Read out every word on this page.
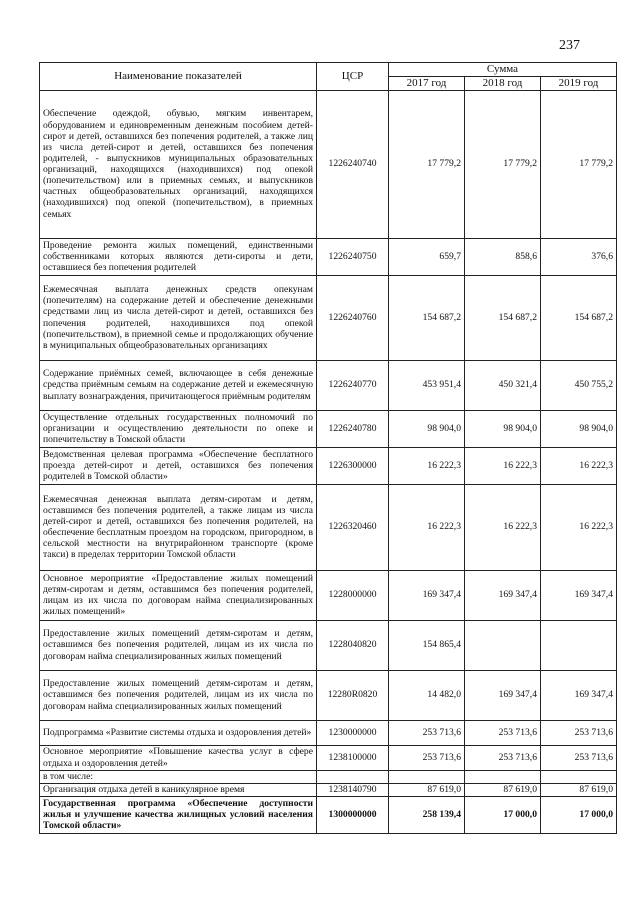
237
Наименование показателей	ЦСР	Сумма		
		2017 год	2018 год	2019 год
Обеспечение одеждой, обувью, мягким инвентарем, оборудованием и единовременным денежным пособием детей-сирот и детей, оставшихся без попечения родителей, а также лиц из числа детей-сирот и детей, оставшихся без попечения родителей, - выпускников муниципальных образовательных организаций, находящихся (находившихся) под опекой (попечительством) или в приемных семьях, и выпускников частных общеобразовательных организаций, находящихся (находившихся) под опекой (попечительством), в приемных семьях	1226240740	17 779,2	17 779,2	17 779,2
Проведение ремонта жилых помещений, единственными собственниками которых являются дети-сироты и дети, оставшиеся без попечения родителей	1226240750	659,7	858,6	376,6
Ежемесячная выплата денежных средств опекунам (попечителям) на содержание детей и обеспечение денежными средствами лиц из числа детей-сирот и детей, оставшихся без попечения родителей, находившихся под опекой (попечительством), в приемной семье и продолжающих обучение в муниципальных общеобразовательных организациях	1226240760	154 687,2	154 687,2	154 687,2
Содержание приёмных семей, включающее в себя денежные средства приёмным семьям на содержание детей и ежемесячную выплату вознаграждения, причитающегося приёмным родителям	1226240770	453 951,4	450 321,4	450 755,2
Осуществление отдельных государственных полномочий по организации и осуществлению деятельности по опеке и попечительству в Томской области	1226240780	98 904,0	98 904,0	98 904,0
Ведомственная целевая программа «Обеспечение бесплатного проезда детей-сирот и детей, оставшихся без попечения родителей в Томской области»	1226300000	16 222,3	16 222,3	16 222,3
Ежемесячная денежная выплата детям-сиротам и детям, оставшимся без попечения родителей, а также лицам из числа детей-сирот и детей, оставшихся без попечения родителей, на обеспечение бесплатным проездом на городском, пригородном, в сельской местности на внутрирайонном транспорте (кроме такси) в пределах территории Томской области	1226320460	16 222,3	16 222,3	16 222,3
Основное мероприятие «Предоставление жилых помещений детям-сиротам и детям, оставшимся без попечения родителей, лицам из их числа по договорам найма специализированных жилых помещений»	1228000000	169 347,4	169 347,4	169 347,4
Предоставление жилых помещений детям-сиротам и детям, оставшимся без попечения родителей, лицам из их числа по договорам найма специализированных жилых помещений	1228040820	154 865,4		
Предоставление жилых помещений детям-сиротам и детям, оставшимся без попечения родителей, лицам из их числа по договорам найма специализированных жилых помещений	12280R0820	14 482,0	169 347,4	169 347,4
Подпрограмма «Развитие системы отдыха и оздоровления детей»	1230000000	253 713,6	253 713,6	253 713,6
Основное мероприятие «Повышение качества услуг в сфере отдыха и оздоровления детей»	1238100000	253 713,6	253 713,6	253 713,6
в том числе:				
Организация отдыха детей в каникулярное время	1238140790	87 619,0	87 619,0	87 619,0
Государственная программа «Обеспечение доступности жилья и улучшение качества жилищных условий населения Томской области»	1300000000	258 139,4	17 000,0	17 000,0
